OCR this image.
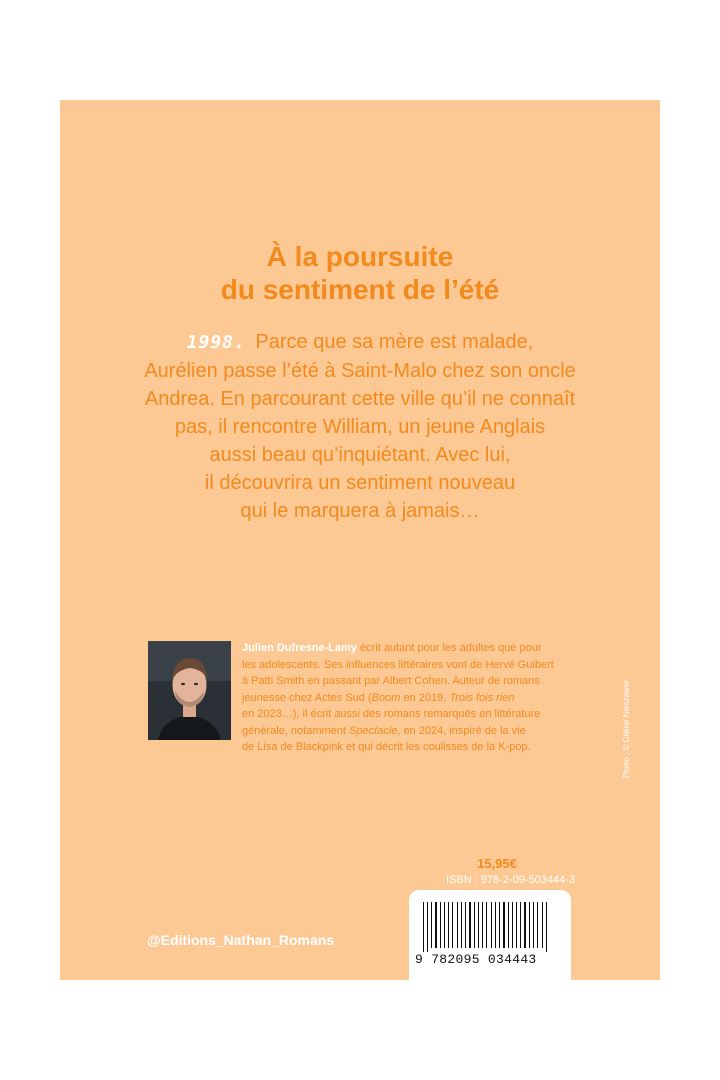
À la poursuite
du sentiment de l’été
1998. Parce que sa mère est malade,
Aurélien passe l’été à Saint-Malo chez son oncle
Andrea. En parcourant cette ville qu’il ne connaît
pas, il rencontre William, un jeune Anglais
aussi beau qu’inquiétant. Avec lui,
il découvrira un sentiment nouveau
qui le marquera à jamais…
Julien Dufresne-Lamy écrit autant pour les adultes que pour
les adolescents. Ses influences littéraires vont de Hervé Guibert
à Patti Smith en passant par Albert Cohen. Auteur de romans
jeunesse chez Actes Sud (Boom en 2019, Trois fois rien
en 2023…), il écrit aussi des romans remarqués en littérature
générale, notamment Spectacle, en 2024, inspiré de la vie
de Lisa de Blackpink et qui décrit les coulisses de la K-pop.	Photo : © Céline Nieszawer.
15,95€
ISBN : 978-2-09-503444-3
9 782095 034443
@Editions_Nathan_Romans
